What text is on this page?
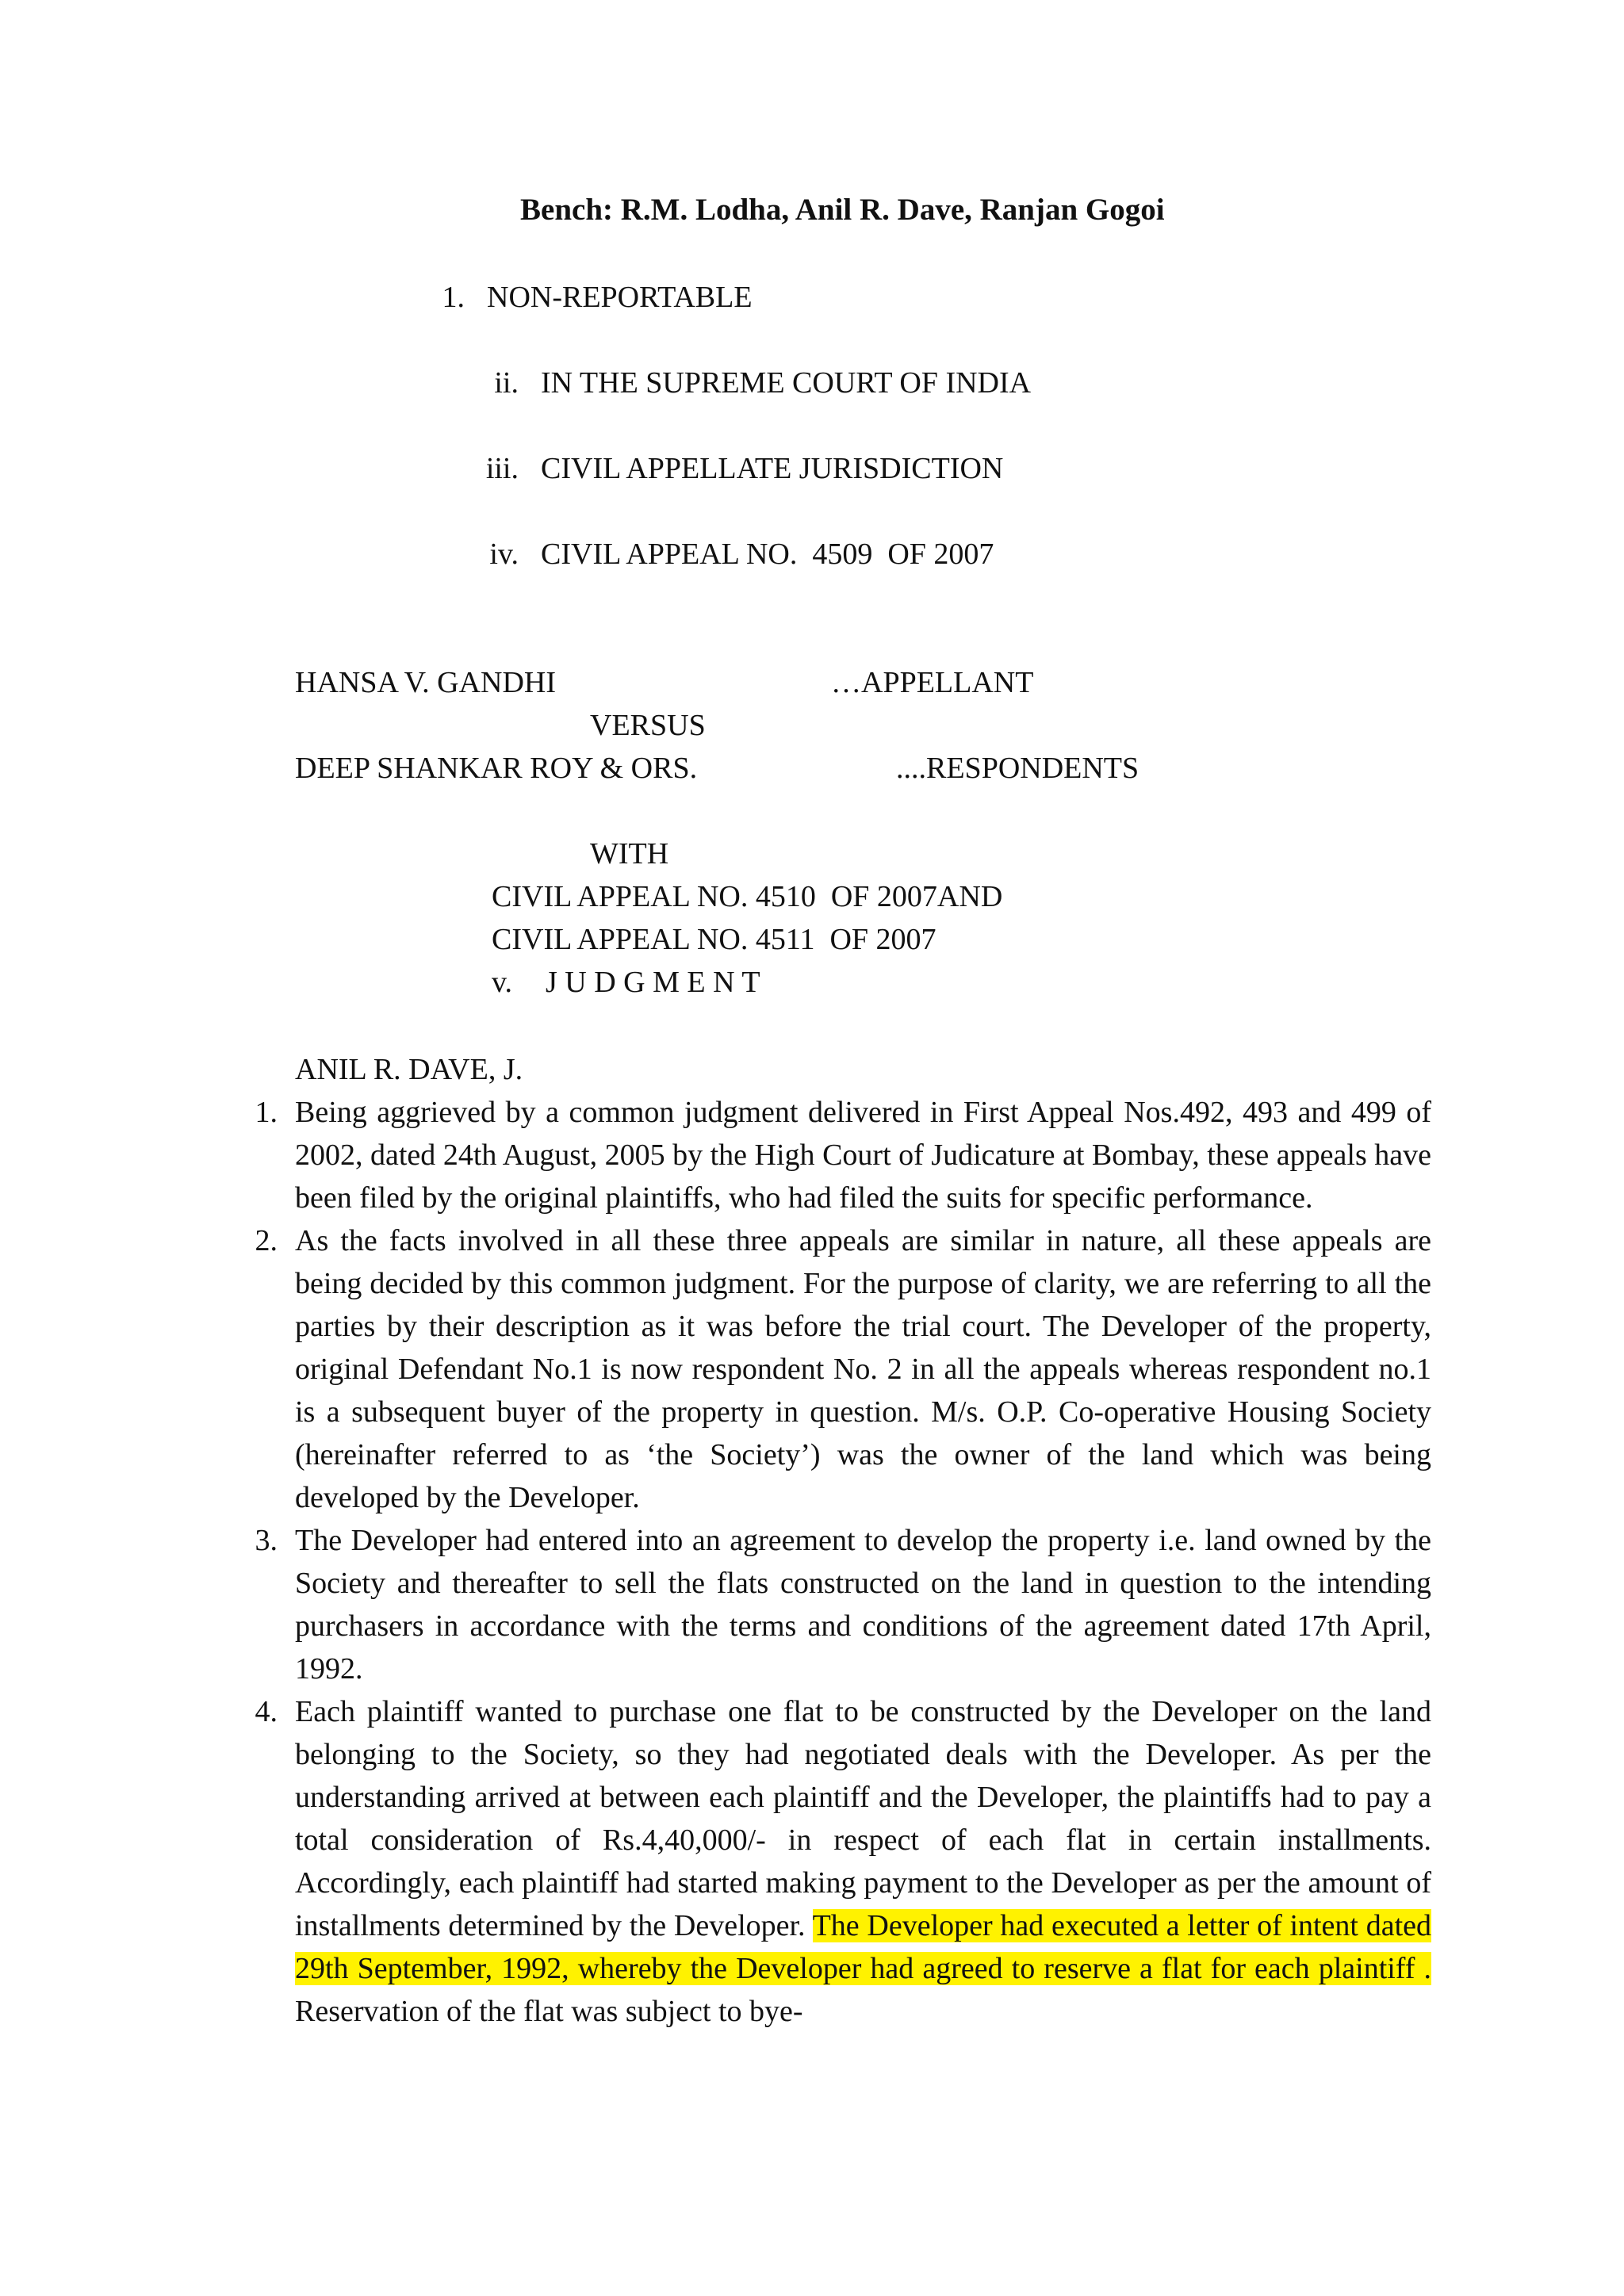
Bench: R.M. Lodha, Anil R. Dave, Ranjan Gogoi
1. NON-REPORTABLE
ii. IN THE SUPREME COURT OF INDIA
iii. CIVIL APPELLATE JURISDICTION
iv. CIVIL APPEAL NO.  4509  OF 2007
HANSA V. GANDHI	…APPELLANT
VERSUS
DEEP SHANKAR ROY & ORS.	....RESPONDENTS
WITH
CIVIL APPEAL NO. 4510  OF 2007AND
CIVIL APPEAL NO. 4511  OF 2007
v. J U D G M E N T
ANIL R. DAVE, J.
1. Being aggrieved by a common judgment delivered in First Appeal Nos.492, 493 and 499 of 2002, dated 24th August, 2005 by the High Court of Judicature at Bombay, these appeals have been filed by the original plaintiffs, who had filed the suits for specific performance.
2. As the facts involved in all these three appeals are similar in nature, all these appeals are being decided by this common judgment. For the purpose of clarity, we are referring to all the parties by their description as it was before the trial court. The Developer of the property, original Defendant No.1 is now respondent No. 2 in all the appeals whereas respondent no.1 is a subsequent buyer of the property in question. M/s. O.P. Co-operative Housing Society (hereinafter referred to as ‘the Society’) was the owner of the land which was being developed by the Developer.
3. The Developer had entered into an agreement to develop the property i.e. land owned by the Society and thereafter to sell the flats constructed on the land in question to the intending purchasers in accordance with the terms and conditions of the agreement dated 17th April, 1992.
4. Each plaintiff wanted to purchase one flat to be constructed by the Developer on the land belonging to the Society, so they had negotiated deals with the Developer. As per the understanding arrived at between each plaintiff and the Developer, the plaintiffs had to pay a total consideration of Rs.4,40,000/- in respect of each flat in certain installments. Accordingly, each plaintiff had started making payment to the Developer as per the amount of installments determined by the Developer. The Developer had executed a letter of intent dated 29th September, 1992, whereby the Developer had agreed to reserve a flat for each plaintiff . Reservation of the flat was subject to bye-
